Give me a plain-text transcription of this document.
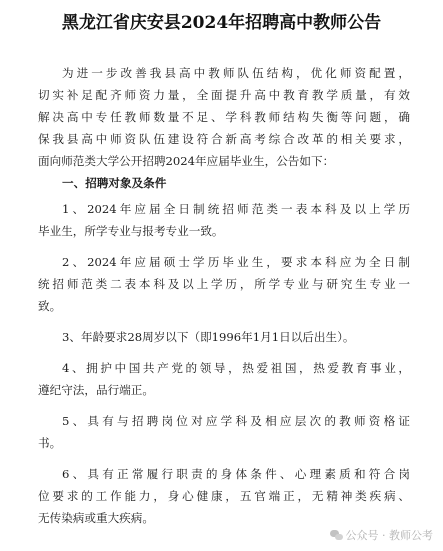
黑龙江省庆安县2024年招聘高中教师公告
为进一步改善我县高中教师队伍结构，优化师资配置，
切实补足配齐师资力量，全面提升高中教育教学质量，有效
解决高中专任教师数量不足、学科教师结构失衡等问题，确
保我县高中师资队伍建设符合新高考综合改革的相关要求，
面向师范类大学公开招聘2024年应届毕业生，公告如下：
一、招聘对象及条件
1、2024年应届全日制统招师范类一表本科及以上学历
毕业生，所学专业与报考专业一致。
2、2024年应届硕士学历毕业生，要求本科应为全日制
统招师范类二表本科及以上学历，所学专业与研究生专业一
致。
3、年龄要求28周岁以下（即1996年1月1日以后出生）。
4、拥护中国共产党的领导，热爱祖国，热爱教育事业，
遵纪守法，品行端正。
5、具有与招聘岗位对应学科及相应层次的教师资格证
书。
6、具有正常履行职责的身体条件、心理素质和符合岗
位要求的工作能力，身心健康，五官端正，无精神类疾病、
无传染病或重大疾病。
公众号 · 教师公考
